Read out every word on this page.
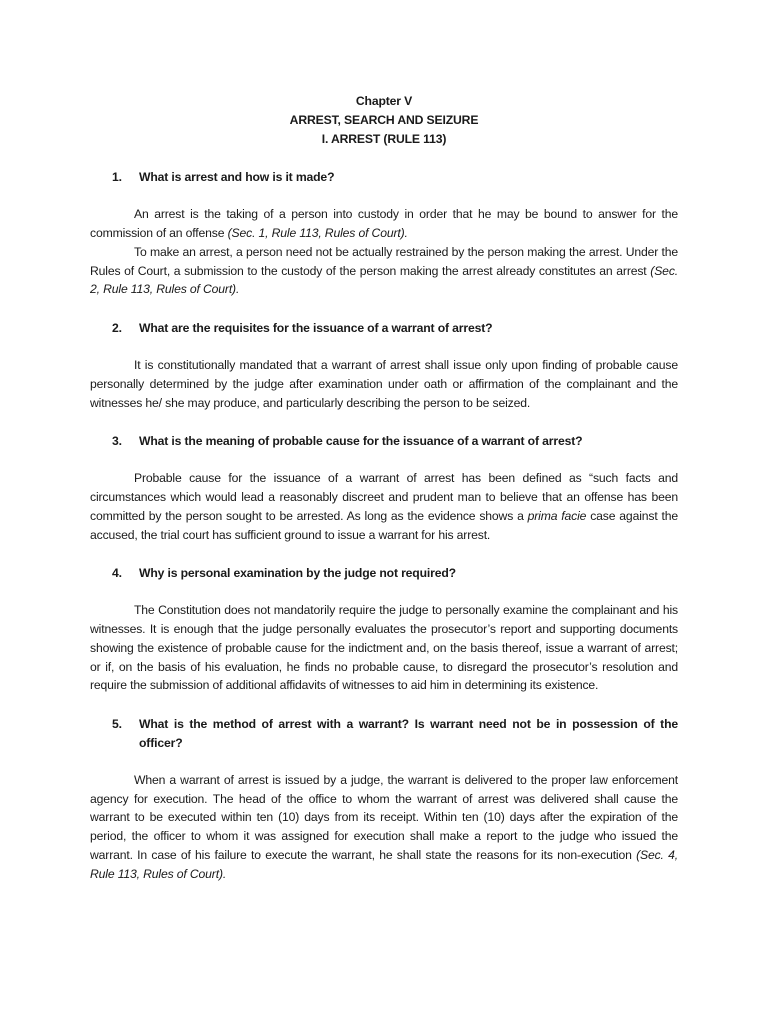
Chapter V

ARREST, SEARCH AND SEIZURE

I. ARREST (RULE 113)

1.	What is arrest and how is it made?

An arrest is the taking of a person into custody in order that he may be bound to answer for the commission of an offense (Sec. 1, Rule 113, Rules of Court).

To make an arrest, a person need not be actually restrained by the person making the arrest. Under the Rules of Court, a submission to the custody of the person making the arrest already constitutes an arrest (Sec. 2, Rule 113, Rules of Court).

2.	What are the requisites for the issuance of a warrant of arrest?

It is constitutionally mandated that a warrant of arrest shall issue only upon finding of probable cause personally determined by the judge after examination under oath or affirmation of the complainant and the witnesses he/ she may produce, and particularly describing the person to be seized.

3.	What is the meaning of probable cause for the issuance of a warrant of arrest?

Probable cause for the issuance of a warrant of arrest has been defined as “such facts and circumstances which would lead a reasonably discreet and prudent man to believe that an offense has been committed by the person sought to be arrested. As long as the evidence shows a prima facie case against the accused, the trial court has sufficient ground to issue a warrant for his arrest.

4.	Why is personal examination by the judge not required?

The Constitution does not mandatorily require the judge to personally examine the complainant and his witnesses. It is enough that the judge personally evaluates the prosecutor’s report and supporting documents showing the existence of probable cause for the indictment and, on the basis thereof, issue a warrant of arrest; or if, on the basis of his evaluation, he finds no probable cause, to disregard the prosecutor’s resolution and require the submission of additional affidavits of witnesses to aid him in determining its existence.

5.	What is the method of arrest with a warrant? Is warrant need not be in possession of the officer?

When a warrant of arrest is issued by a judge, the warrant is delivered to the proper law enforcement agency for execution. The head of the office to whom the warrant of arrest was delivered shall cause the warrant to be executed within ten (10) days from its receipt. Within ten (10) days after the expiration of the period, the officer to whom it was assigned for execution shall make a report to the judge who issued the warrant. In case of his failure to execute the warrant, he shall state the reasons for its non-execution (Sec. 4, Rule 113, Rules of Court).
